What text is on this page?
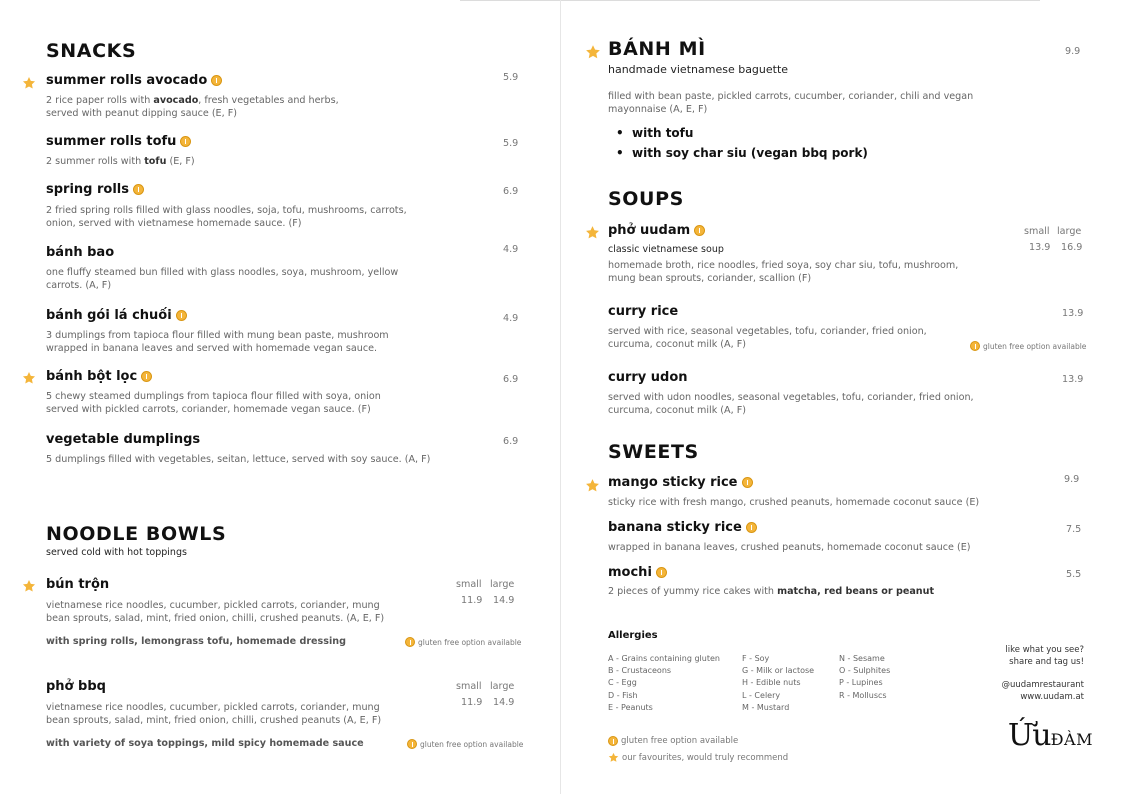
SNACKS
summer rolls avocado	5.9
2 rice paper rolls with avocado, fresh vegetables and herbs,
served with peanut dipping sauce (E, F)
summer rolls tofu	5.9
2 summer rolls with tofu (E, F)
spring rolls	6.9
2 fried spring rolls filled with glass noodles, soja, tofu, mushrooms, carrots,
onion, served with vietnamese homemade sauce. (F)
bánh bao	4.9
one fluffy steamed bun filled with glass noodles, soya, mushroom, yellow
carrots. (A, F)
bánh gói lá chuối	4.9
3 dumplings from tapioca flour filled with mung bean paste, mushroom
wrapped in banana leaves and served with homemade vegan sauce.
bánh bột lọc	6.9
5 chewy steamed dumplings from tapioca flour filled with soya, onion
served with pickled carrots, coriander, homemade vegan sauce. (F)
vegetable dumplings	6.9
5 dumplings filled with vegetables, seitan, lettuce, served with soy sauce. (A, F)
NOODLE BOWLS
served cold with hot toppings
bún trộn	small large
11.9 14.9
vietnamese rice noodles, cucumber, pickled carrots, coriander, mung
bean sprouts, salad, mint, fried onion, chilli, crushed peanuts. (A, E, F)
with spring rolls, lemongrass tofu, homemade dressing	gluten free option available
phở bbq	small large
11.9 14.9
vietnamese rice noodles, cucumber, pickled carrots, coriander, mung
bean sprouts, salad, mint, fried onion, chilli, crushed peanuts (A, E, F)
with variety of soya toppings, mild spicy homemade sauce	gluten free option available
BÁNH MÌ	9.9
handmade vietnamese baguette
filled with bean paste, pickled carrots, cucumber, coriander, chili and vegan
mayonnaise (A, E, F)
•  with tofu
•  with soy char siu (vegan bbq pork)
SOUPS
phở uudam	small large
13.9 16.9
classic vietnamese soup
homemade broth, rice noodles, fried soya, soy char siu, tofu, mushroom,
mung bean sprouts, coriander, scallion (F)
curry rice	13.9
served with rice, seasonal vegetables, tofu, coriander, fried onion,
curcuma, coconut milk (A, F)	gluten free option available
curry udon	13.9
served with udon noodles, seasonal vegetables, tofu, coriander, fried onion,
curcuma, coconut milk (A, F)
SWEETS
mango sticky rice	9.9
sticky rice with fresh mango, crushed peanuts, homemade coconut sauce (E)
banana sticky rice	7.5
wrapped in banana leaves, crushed peanuts, homemade coconut sauce (E)
mochi	5.5
2 pieces of yummy rice cakes with matcha, red beans or peanut
Allergies
A - Grains containing gluten
B - Crustaceons
C - Egg
D - Fish
E - Peanuts
F - Soy
G - Milk or lactose
H - Edible nuts
L - Celery
M - Mustard
N - Sesame
O - Sulphites
P - Lupines
R - Molluscs
gluten free option available
our favourites, would truly recommend
like what you see?
share and tag us!
@uudamrestaurant
www.uudam.at
ỨuĐÀM
